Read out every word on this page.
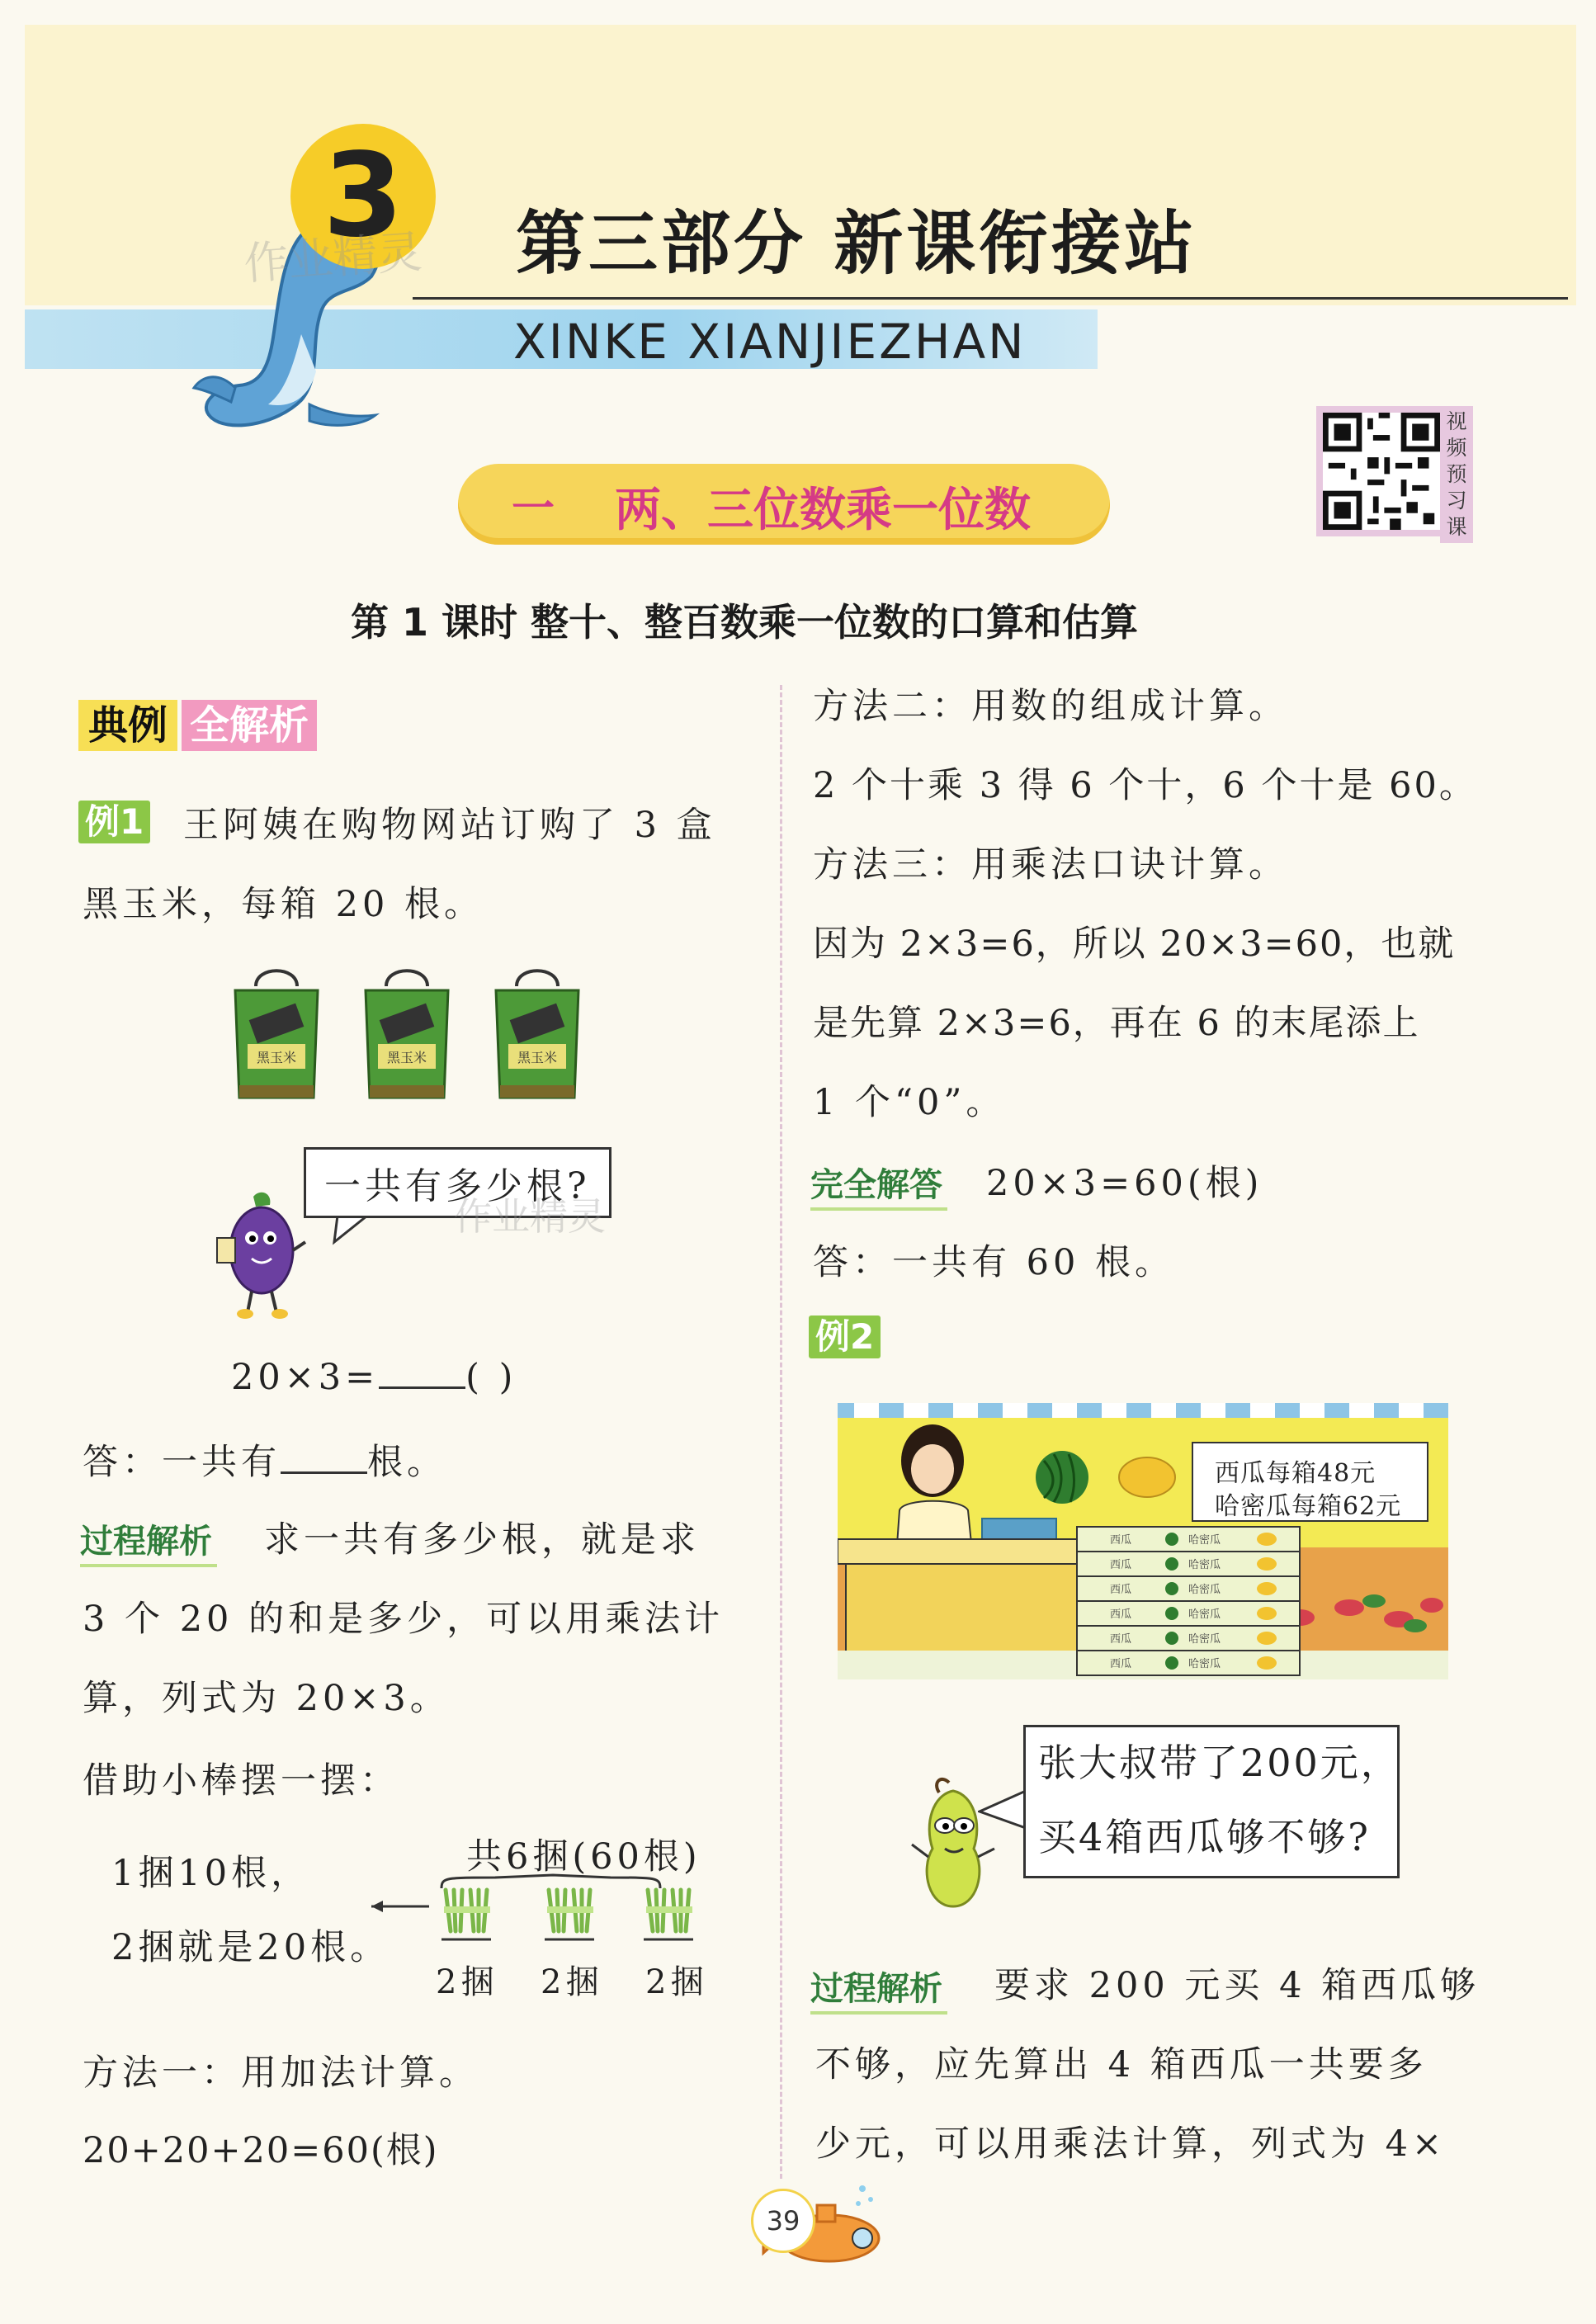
3
作业精灵 第三部分 新课衔接站
XINKE XIANJIEZHAN
视频预习课
一 两、三位数乘一位数
第 1 课时 整十、整百数乘一位数的口算和估算
典例 全解析
例1 王阿姨在购物网站订购了 3 盒
黑玉米，每箱 20 根。
黑玉米	黑玉米	黑玉米
一共有多少根?
作业精灵
20×3= ( )
答：一共有 根。
过程解析 求一共有多少根，就是求
3 个 20 的和是多少，可以用乘法计
算，列式为 20×3。
借助小棒摆一摆：
1捆10根，
2捆就是20根。
共6捆(60根)
2捆 2捆 2捆
方法一：用加法计算。
20+20+20=60(根)
方法二：用数的组成计算。
2 个十乘 3 得 6 个十，6 个十是 60。
方法三：用乘法口诀计算。
因为 2×3=6，所以 20×3=60，也就
是先算 2×3=6，再在 6 的末尾添上
1 个“0”。
完全解答 20×3=60(根)
答：一共有 60 根。
例2
西瓜	哈密瓜
西瓜	哈密瓜
西瓜	哈密瓜
西瓜	哈密瓜
西瓜	哈密瓜
西瓜	哈密瓜
西瓜每箱48元
哈密瓜每箱62元
张大叔带了200元，
买4箱西瓜够不够?
过程解析 要求 200 元买 4 箱西瓜够
不够，应先算出 4 箱西瓜一共要多
少元，可以用乘法计算，列式为 4×
39
